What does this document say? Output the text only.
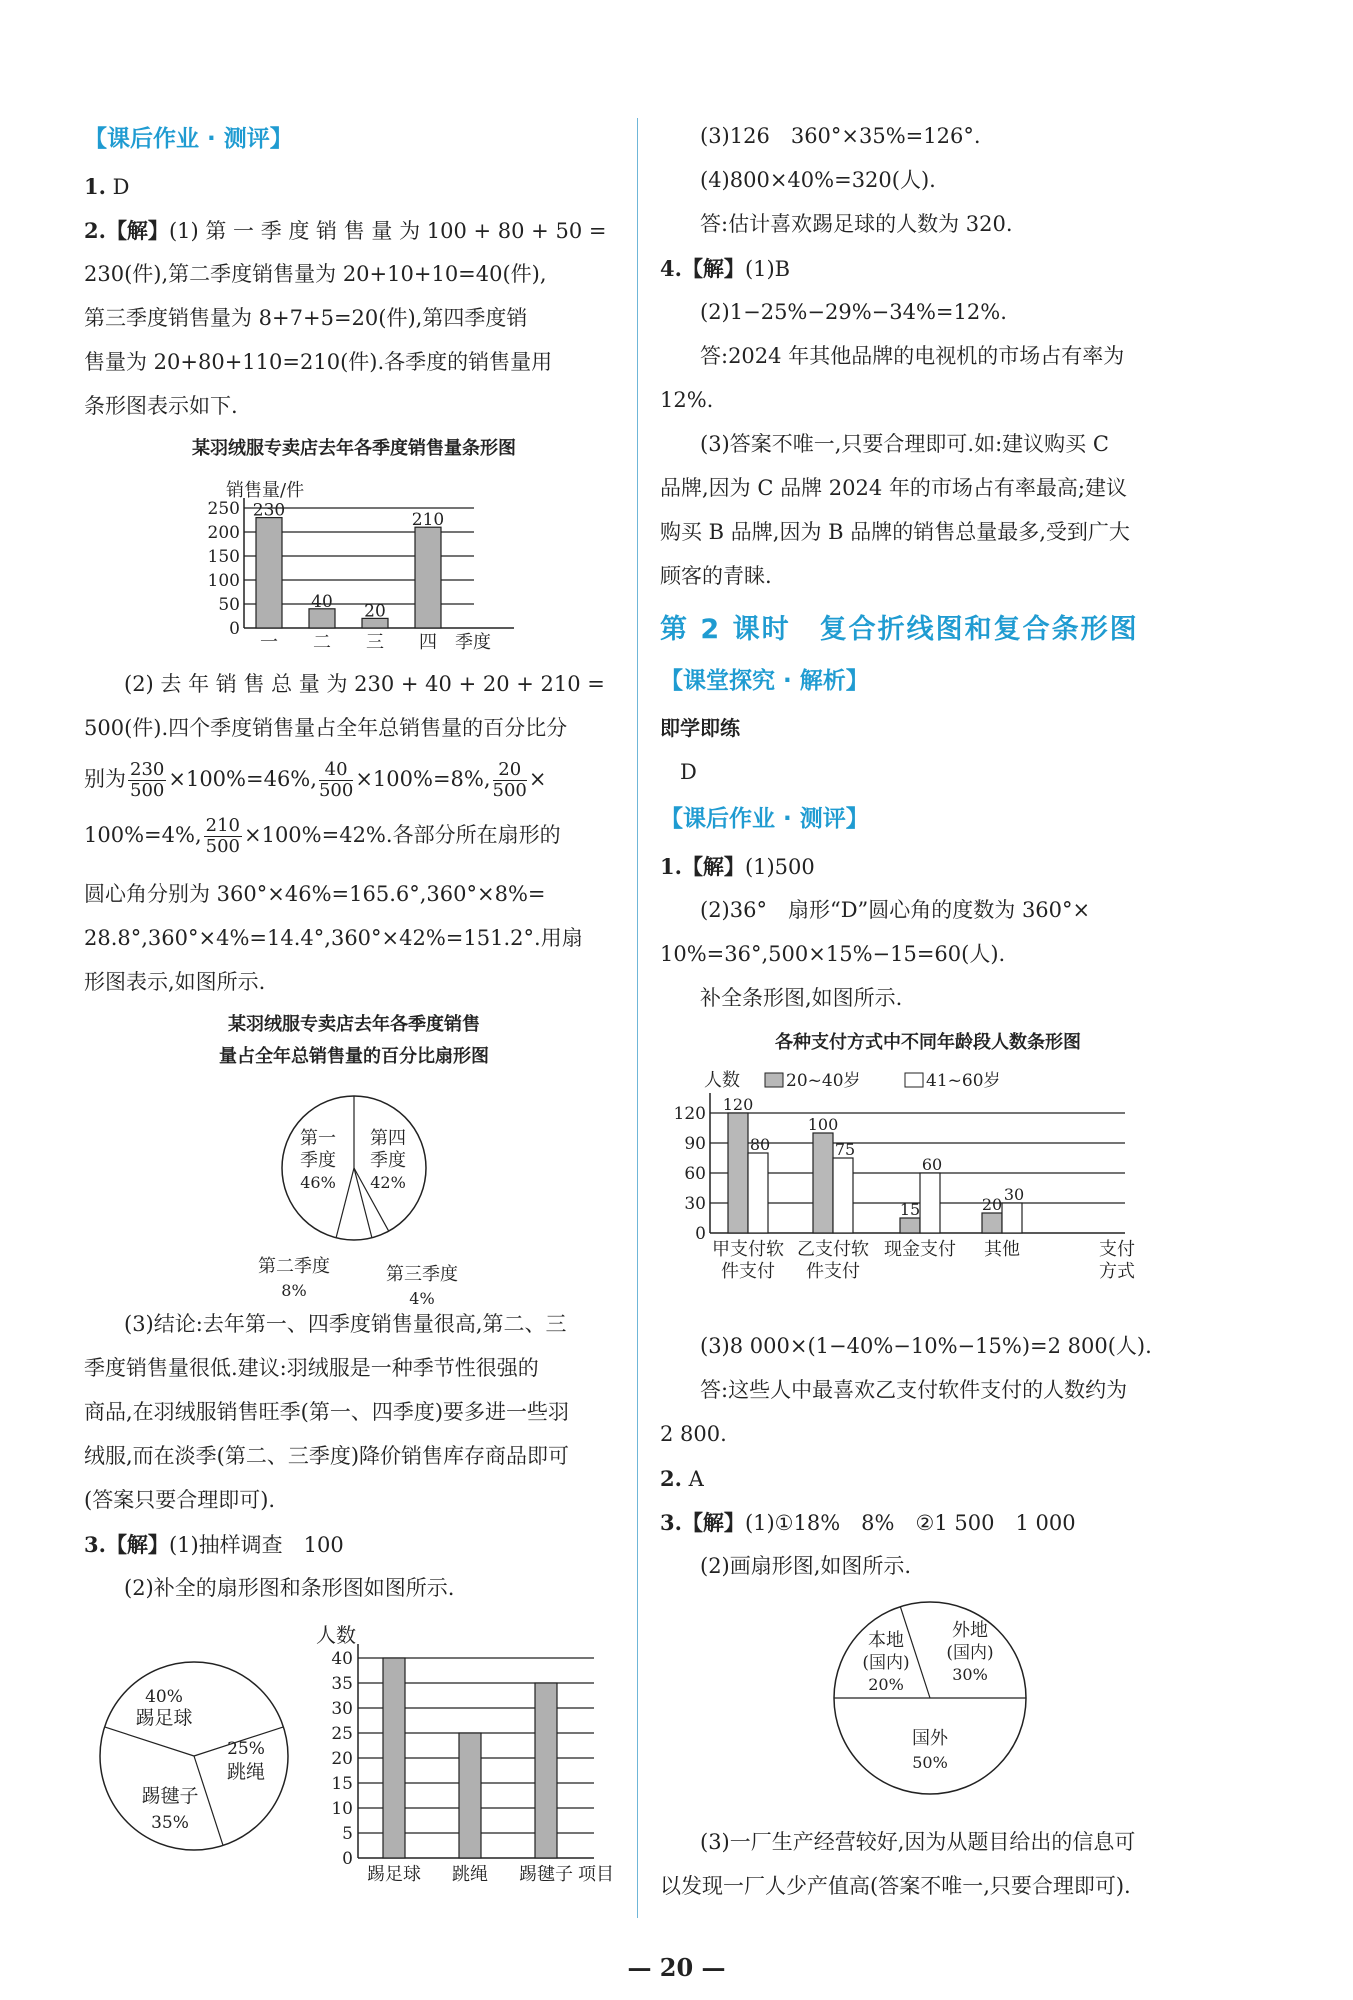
【课后作业 · 测评】
1. D
2.【解】(1) 第 一 季 度 销 售 量 为 100 + 80 + 50 =
230(件),第二季度销售量为 20+10+10=40(件),
第三季度销售量为 8+7+5=20(件),第四季度销
售量为 20+80+110=210(件).各季度的销售量用
条形图表示如下.
某羽绒服专卖店去年各季度销售量条形图
销售量/件
0
50
100
150
200
250 230
一
40
二
20
三
210
四 季度
(2) 去 年 销 售 总 量 为 230 + 40 + 20 + 210 =
500(件).四个季度销售量占全年总销售量的百分比分
别为 $\frac{230}{500} \times 100\%=46\%$, $\frac{40}{500} \times 100\%=8\%$, $\frac{20}{500}$ ×
100%=4%, $\frac{210}{500} \times 100\%=42\%$.各部分所在扇形的
圆心角分别为 360°×46%=165.6°,360°×8%=
28.8°,360°×4%=14.4°,360°×42%=151.2°.用扇
形图表示,如图所示.
某羽绒服专卖店去年各季度销售
量占全年总销售量的百分比扇形图
第一
季度
46%
第四
季度
42%
第二季度
8%
第三季度
4%
(3)结论:去年第一、四季度销售量很高,第二、三
季度销售量很低.建议:羽绒服是一种季节性很强的
商品,在羽绒服销售旺季(第一、四季度)要多进一些羽
绒服,而在淡季(第二、三季度)降价销售库存商品即可
(答案只要合理即可).
3.【解】(1)抽样调查　100
(2)补全的扇形图和条形图如图所示.
40%
踢足球
25%
跳绳
踢毽子
35%
人数
0
5
10
15
20
25
30
35
40
踢足球 跳绳 踢毽子 项目
(3)126　360°×35%=126°.
(4)800×40%=320(人).
答:估计喜欢踢足球的人数为 320.
4.【解】(1)B
(2)1−25%−29%−34%=12%.
答:2024 年其他品牌的电视机的市场占有率为
12%.
(3)答案不唯一,只要合理即可.如:建议购买 C
品牌,因为 C 品牌 2024 年的市场占有率最高;建议
购买 B 品牌,因为 B 品牌的销售总量最多,受到广大
顾客的青睐.
第 2 课时　复合折线图和复合条形图
【课堂探究 · 解析】
即学即练
D
【课后作业 · 测评】
1.【解】(1)500
(2)36°　扇形“D”圆心角的度数为 360°×
10%=36°,500×15%−15=60(人).
补全条形图,如图所示.
各种支付方式中不同年龄段人数条形图
人数	20~40岁	41~60岁
0
30
60
90
120 120
80
甲支付软
件支付
100
75
乙支付软
件支付
15
60
现金支付
20
30
其他	支付
方式
(3)8 000×(1−40%−10%−15%)=2 800(人).
答:这些人中最喜欢乙支付软件支付的人数约为
2 800.
2. A
3.【解】(1)①18%　8%　②1 500　1 000
(2)画扇形图,如图所示.
本地
(国内)
20%
外地
(国内)
30%
国外
50%
(3)一厂生产经营较好,因为从题目给出的信息可
以发现一厂人少产值高(答案不唯一,只要合理即可).
— 20 —
